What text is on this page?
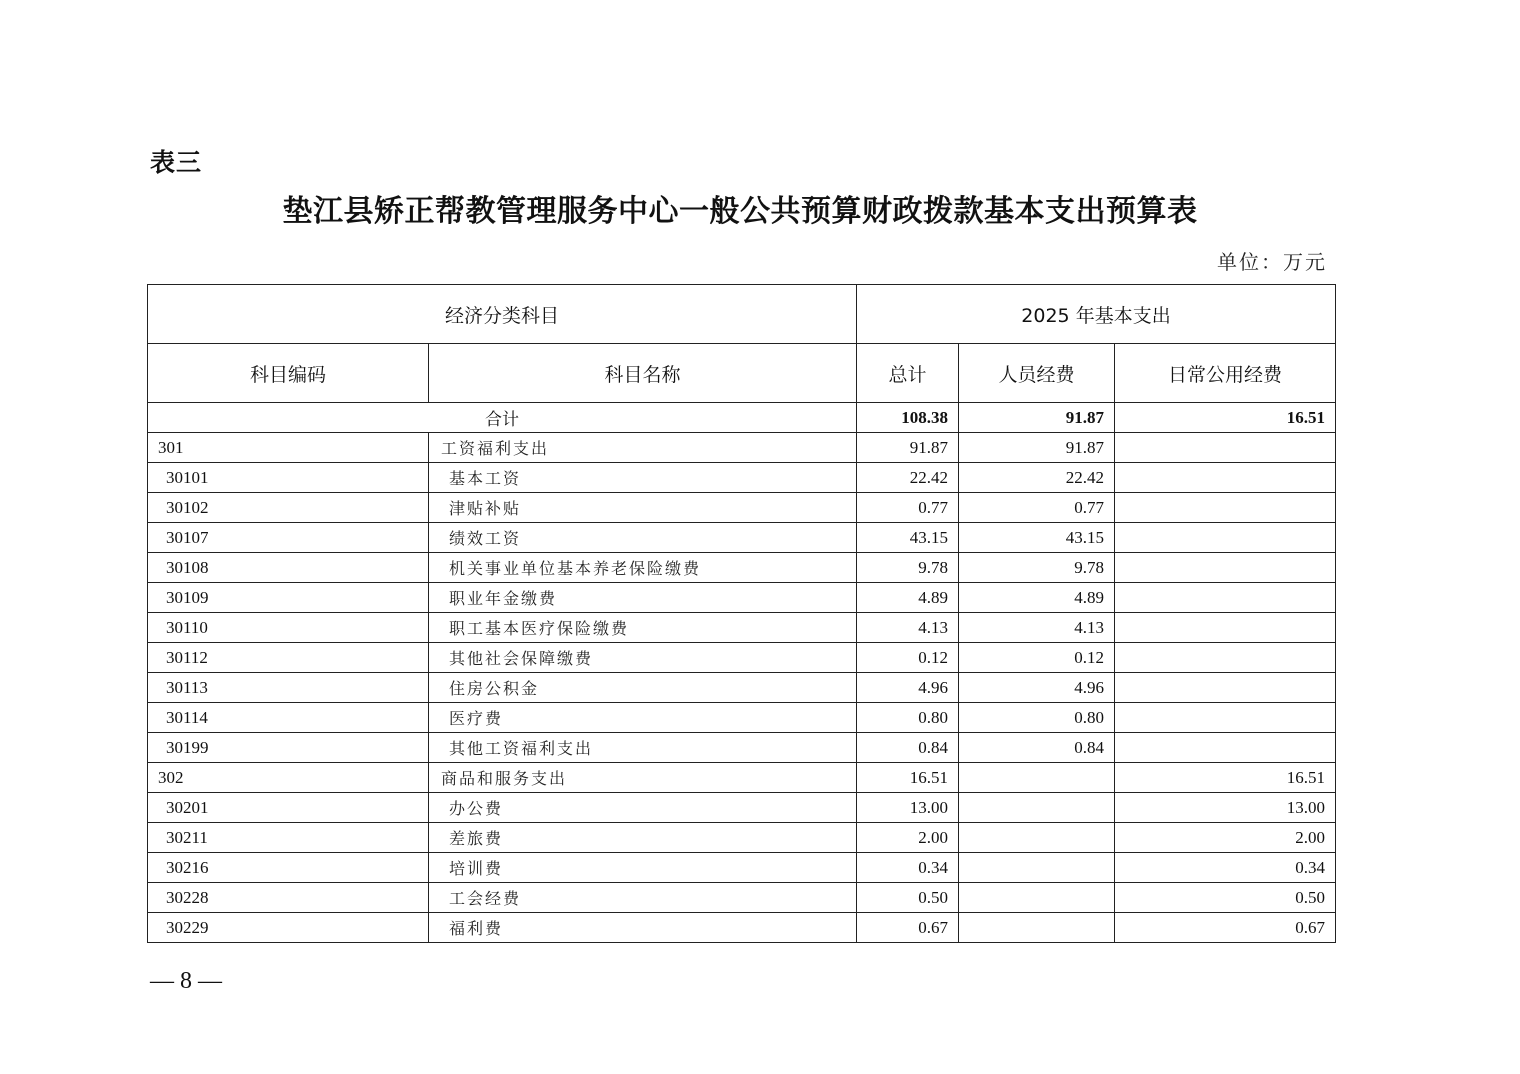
表三
垫江县矫正帮教管理服务中心一般公共预算财政拨款基本支出预算表
单位：万元
经济分类科目		2025 年基本支出		
科目编码	科目名称	总计	人员经费	日常公用经费
合计		108.38	91.87	16.51
301	工资福利支出	91.87	91.87	
30101	基本工资	22.42	22.42	
30102	津贴补贴	0.77	0.77	
30107	绩效工资	43.15	43.15	
30108	机关事业单位基本养老保险缴费	9.78	9.78	
30109	职业年金缴费	4.89	4.89	
30110	职工基本医疗保险缴费	4.13	4.13	
30112	其他社会保障缴费	0.12	0.12	
30113	住房公积金	4.96	4.96	
30114	医疗费	0.80	0.80	
30199	其他工资福利支出	0.84	0.84	
302	商品和服务支出	16.51		16.51
30201	办公费	13.00		13.00
30211	差旅费	2.00		2.00
30216	培训费	0.34		0.34
30228	工会经费	0.50		0.50
30229	福利费	0.67		0.67
— 8 —
